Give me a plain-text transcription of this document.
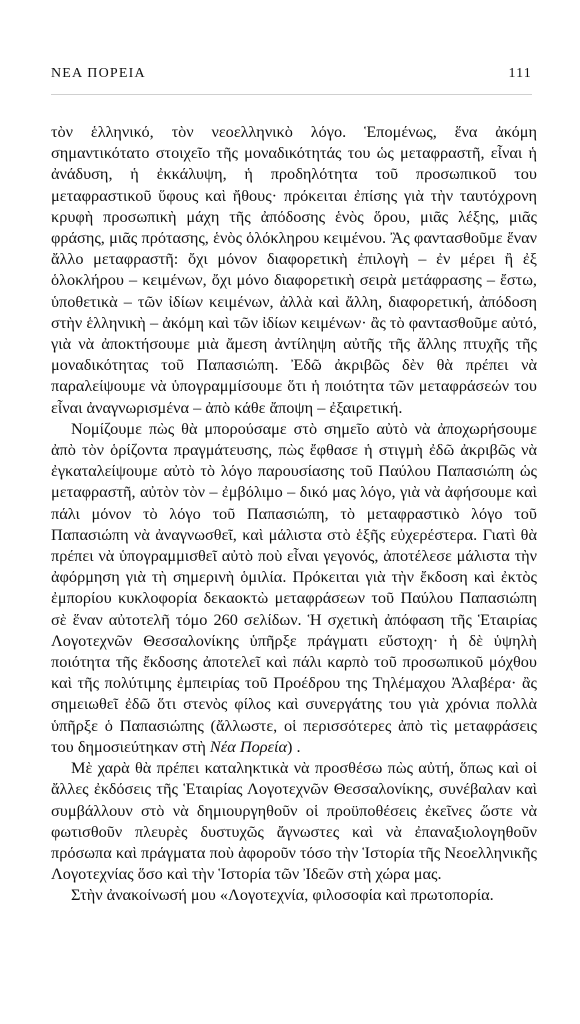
ΝΕΑ ΠΟΡΕΙΑ	111

τὸν ἑλληνικό, τὸν νεοελληνικὸ λόγο. Ἑπομένως, ἕνα ἀκόμη σημαντικότατο στοιχεῖο τῆς μοναδικότητάς του ὡς μεταφραστῆ, εἶναι ἡ ἀνάδυση, ἡ ἐκκάλυψη, ἡ προδηλότητα τοῦ προσωπικοῦ του μεταφραστικοῦ ὕφους καὶ ἤθους· πρόκειται ἐπίσης γιὰ τὴν ταυτόχρονη κρυφὴ προσωπικὴ μάχη τῆς ἀπόδοσης ἑνὸς ὅρου, μιᾶς λέξης, μιᾶς φράσης, μιᾶς πρότασης, ἑνὸς ὁλόκληρου κειμένου. Ἂς φαντασθοῦμε ἕναν ἄλλο μεταφραστῆ: ὄχι μόνον διαφορετικὴ ἐπιλογὴ – ἐν μέρει ἢ ἐξ ὁλοκλήρου – κειμένων, ὄχι μόνο διαφορετικὴ σειρὰ μετάφρασης – ἔστω, ὑποθετικὰ – τῶν ἰδίων κειμένων, ἀλλὰ καὶ ἄλλη, διαφορετική, ἀπόδοση στὴν ἑλληνικὴ – ἀκόμη καὶ τῶν ἰδίων κειμένων· ἂς τὸ φαντασθοῦμε αὐτό, γιὰ νὰ ἀποκτήσουμε μιὰ ἄμεση ἀντίληψη αὐτῆς τῆς ἄλλης πτυχῆς τῆς μοναδικότητας τοῦ Παπασιώπη. Ἐδῶ ἀκριβῶς δὲν θὰ πρέπει νὰ παραλείψουμε νὰ ὑπογραμμίσουμε ὅτι ἡ ποιότητα τῶν μεταφράσεών του εἶναι ἀναγνωρισμένα – ἀπὸ κάθε ἄποψη – ἐξαιρετική.

Νομίζουμε πὼς θὰ μπορούσαμε στὸ σημεῖο αὐτὸ νὰ ἀποχωρήσουμε ἀπὸ τὸν ὁρίζοντα πραγμάτευσης, πὼς ἔφθασε ἡ στιγμὴ ἐδῶ ἀκριβῶς νὰ ἐγκαταλείψουμε αὐτὸ τὸ λόγο παρουσίασης τοῦ Παύλου Παπασιώπη ὡς μεταφραστῆ, αὐτὸν τὸν – ἐμβόλιμο – δικό μας λόγο, γιὰ νὰ ἀφήσουμε καὶ πάλι μόνον τὸ λόγο τοῦ Παπασιώπη, τὸ μεταφραστικὸ λόγο τοῦ Παπασιώπη νὰ ἀναγνωσθεῖ, καὶ μάλιστα στὸ ἑξῆς εὐχερέστερα. Γιατὶ θὰ πρέπει νὰ ὑπογραμμισθεῖ αὐτὸ ποὺ εἶναι γεγονός, ἀποτέλεσε μάλιστα τὴν ἀφόρμηση γιὰ τὴ σημερινὴ ὁμιλία. Πρόκειται γιὰ τὴν ἔκδοση καὶ ἐκτὸς ἐμπορίου κυκλοφορία δεκαοκτὼ μεταφράσεων τοῦ Παύλου Παπασιώπη σὲ ἕναν αὐτοτελῆ τόμο 260 σελίδων. Ἡ σχετικὴ ἀπόφαση τῆς Ἑταιρίας Λογοτεχνῶν Θεσσαλονίκης ὑπῆρξε πράγματι εὔστοχη· ἡ δὲ ὑψηλὴ ποιότητα τῆς ἔκδοσης ἀποτελεῖ καὶ πάλι καρπὸ τοῦ προσωπικοῦ μόχθου καὶ τῆς πολύτιμης ἐμπειρίας τοῦ Προέδρου της Τηλέμαχου Ἀλαβέρα· ἂς σημειωθεῖ ἐδῶ ὅτι στενὸς φίλος καὶ συνεργάτης του γιὰ χρόνια πολλὰ ὑπῆρξε ὁ Παπασιώπης (ἄλλωστε, οἱ περισσότερες ἀπὸ τὶς μεταφράσεις του δημοσιεύτηκαν στὴ Νέα Πορεία) .

Μὲ χαρὰ θὰ πρέπει καταληκτικὰ νὰ προσθέσω πὼς αὐτή, ὅπως καὶ οἱ ἄλλες ἐκδόσεις τῆς Ἑταιρίας Λογοτεχνῶν Θεσσαλονίκης, συνέβαλαν καὶ συμβάλλουν στὸ νὰ δημιουργηθοῦν οἱ προϋποθέσεις ἐκεῖνες ὥστε νὰ φωτισθοῦν πλευρὲς δυστυχῶς ἄγνωστες καὶ νὰ ἐπαναξιολογηθοῦν πρόσωπα καὶ πράγματα ποὺ ἀφοροῦν τόσο τὴν Ἱστορία τῆς Νεοελληνικῆς Λογοτεχνίας ὅσο καὶ τὴν Ἱστορία τῶν Ἰδεῶν στὴ χώρα μας.

Στὴν ἀνακοίνωσή μου «Λογοτεχνία, φιλοσοφία καὶ πρωτοπορία.
